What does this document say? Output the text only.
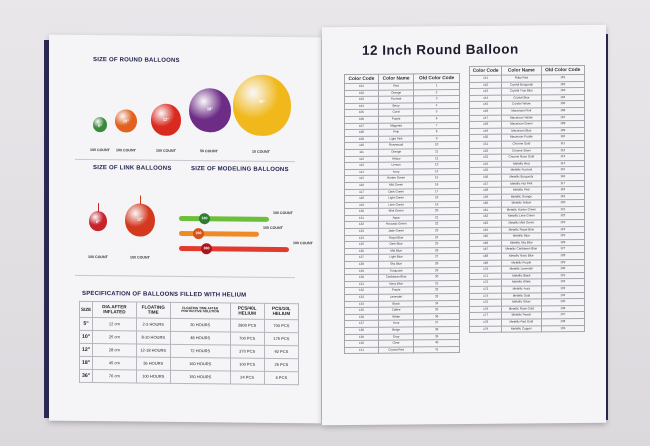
SIZE OF ROUND BALLOONS
5"
100 COUNT
10"
100 COUNT
12"
100 COUNT
18"
50 COUNT
36"
10 COUNT
SIZE OF LINK BALLOONS	SIZE OF MODELING BALLOONS
6"
100 COUNT
12"
100 COUNT
160
100 COUNT
260
100 COUNT
360
100 COUNT
SPECIFICATION OF BALLOONS FILLED WITH HELIUM
SIZE	DIA.AFTER INFLATED	FLOATING TIME	FLOATING TIME AFTER PROTECTIVE SOLUTION	PCS/40L HELIUM	PCS/10L HELIUM
5"	12 cm	2-3 HOURS	30 HOURS	2800 PCS	700 PCS
10"	25 cm	8-10 HOURS	48 HOURS	700 PCS	175 PCS
12"	28 cm	12-18 HOURS	72 HOURS	370 PCS	92 PCS
18"	45 cm	36 HOURS	160 HOURS	100 PCS	25 PCS
36"	76 cm	100 HOURS	150 HOURS	24 PCS	6 PCS
12 Inch Round Balloon
Color Code	Color Name	Old Color Code
101	Red	1
102	Orange	2
103	Fuchsia	3
104	Berry	4
105	Coral	5
106	Purple	6
107	Magenta	7
108	Pink	8
109	Light Pink	9
110	Rosewood	10
111	Orange	11
112	Yellow	12
113	Lemon	13
114	Ivory	14
115	Hunter Green	15
116	Mid Green	16
117	Dark Green	17
118	Light Green	18
119	Lime Green	19
120	Mint Green	20
121	Aqua	21
122	Avocado Green	22
123	Jade Green	23
124	Royal Blue	24
125	Dark Blue	25
126	Mid Blue	26
127	Light Blue	27
128	Sky Blue	28
129	Turquoise	29
130	Caribbean Blue	30
131	Navy Blue	31
132	Purple	32
133	Lavender	33
134	Black	34
135	Coffee	35
136	White	36
137	Ivory	37
138	Beige	38
139	Gray	39
140	Clear	40
141	Crystal Red	41
Color Code	Color Name	Old Color Code
141	Ruby Red	101
142	Crystal Burgundy	102
143	Crystal True Blue	103
144	Crystal Blue	104
145	Crystal Yellow	105
146	Macaroon Pink	106
147	Macaroon Yellow	107
148	Macaroon Green	108
149	Macaroon Blue	109
150	Macaroon Purple	110
151	Chrome Gold	111
152	Chrome Silver	112
153	Chrome Rose Gold	113
154	Metallic Red	114
155	Metallic Fuchsia	115
156	Metallic Burgundy	116
157	Metallic Hot Pink	117
158	Metallic Pink	118
159	Metallic Orange	119
160	Metallic Yellow	120
161	Metallic Hunter Green	121
162	Metallic Lime Green	122
163	Metallic Mint Green	123
164	Metallic Royal Blue	124
165	Metallic Blue	125
166	Metallic Sky Blue	126
167	Metallic Caribbean Blue	127
168	Metallic Navy Blue	128
169	Metallic Purple	129
170	Metallic Lavender	130
171	Metallic Black	131
172	Metallic White	132
173	Metallic Ivory	133
174	Metallic Gold	134
175	Metallic Silver	135
176	Metallic Rose Gold	136
177	Metallic Peach	137
178	Metallic Red Gold	138
179	Metallic Copper	139
